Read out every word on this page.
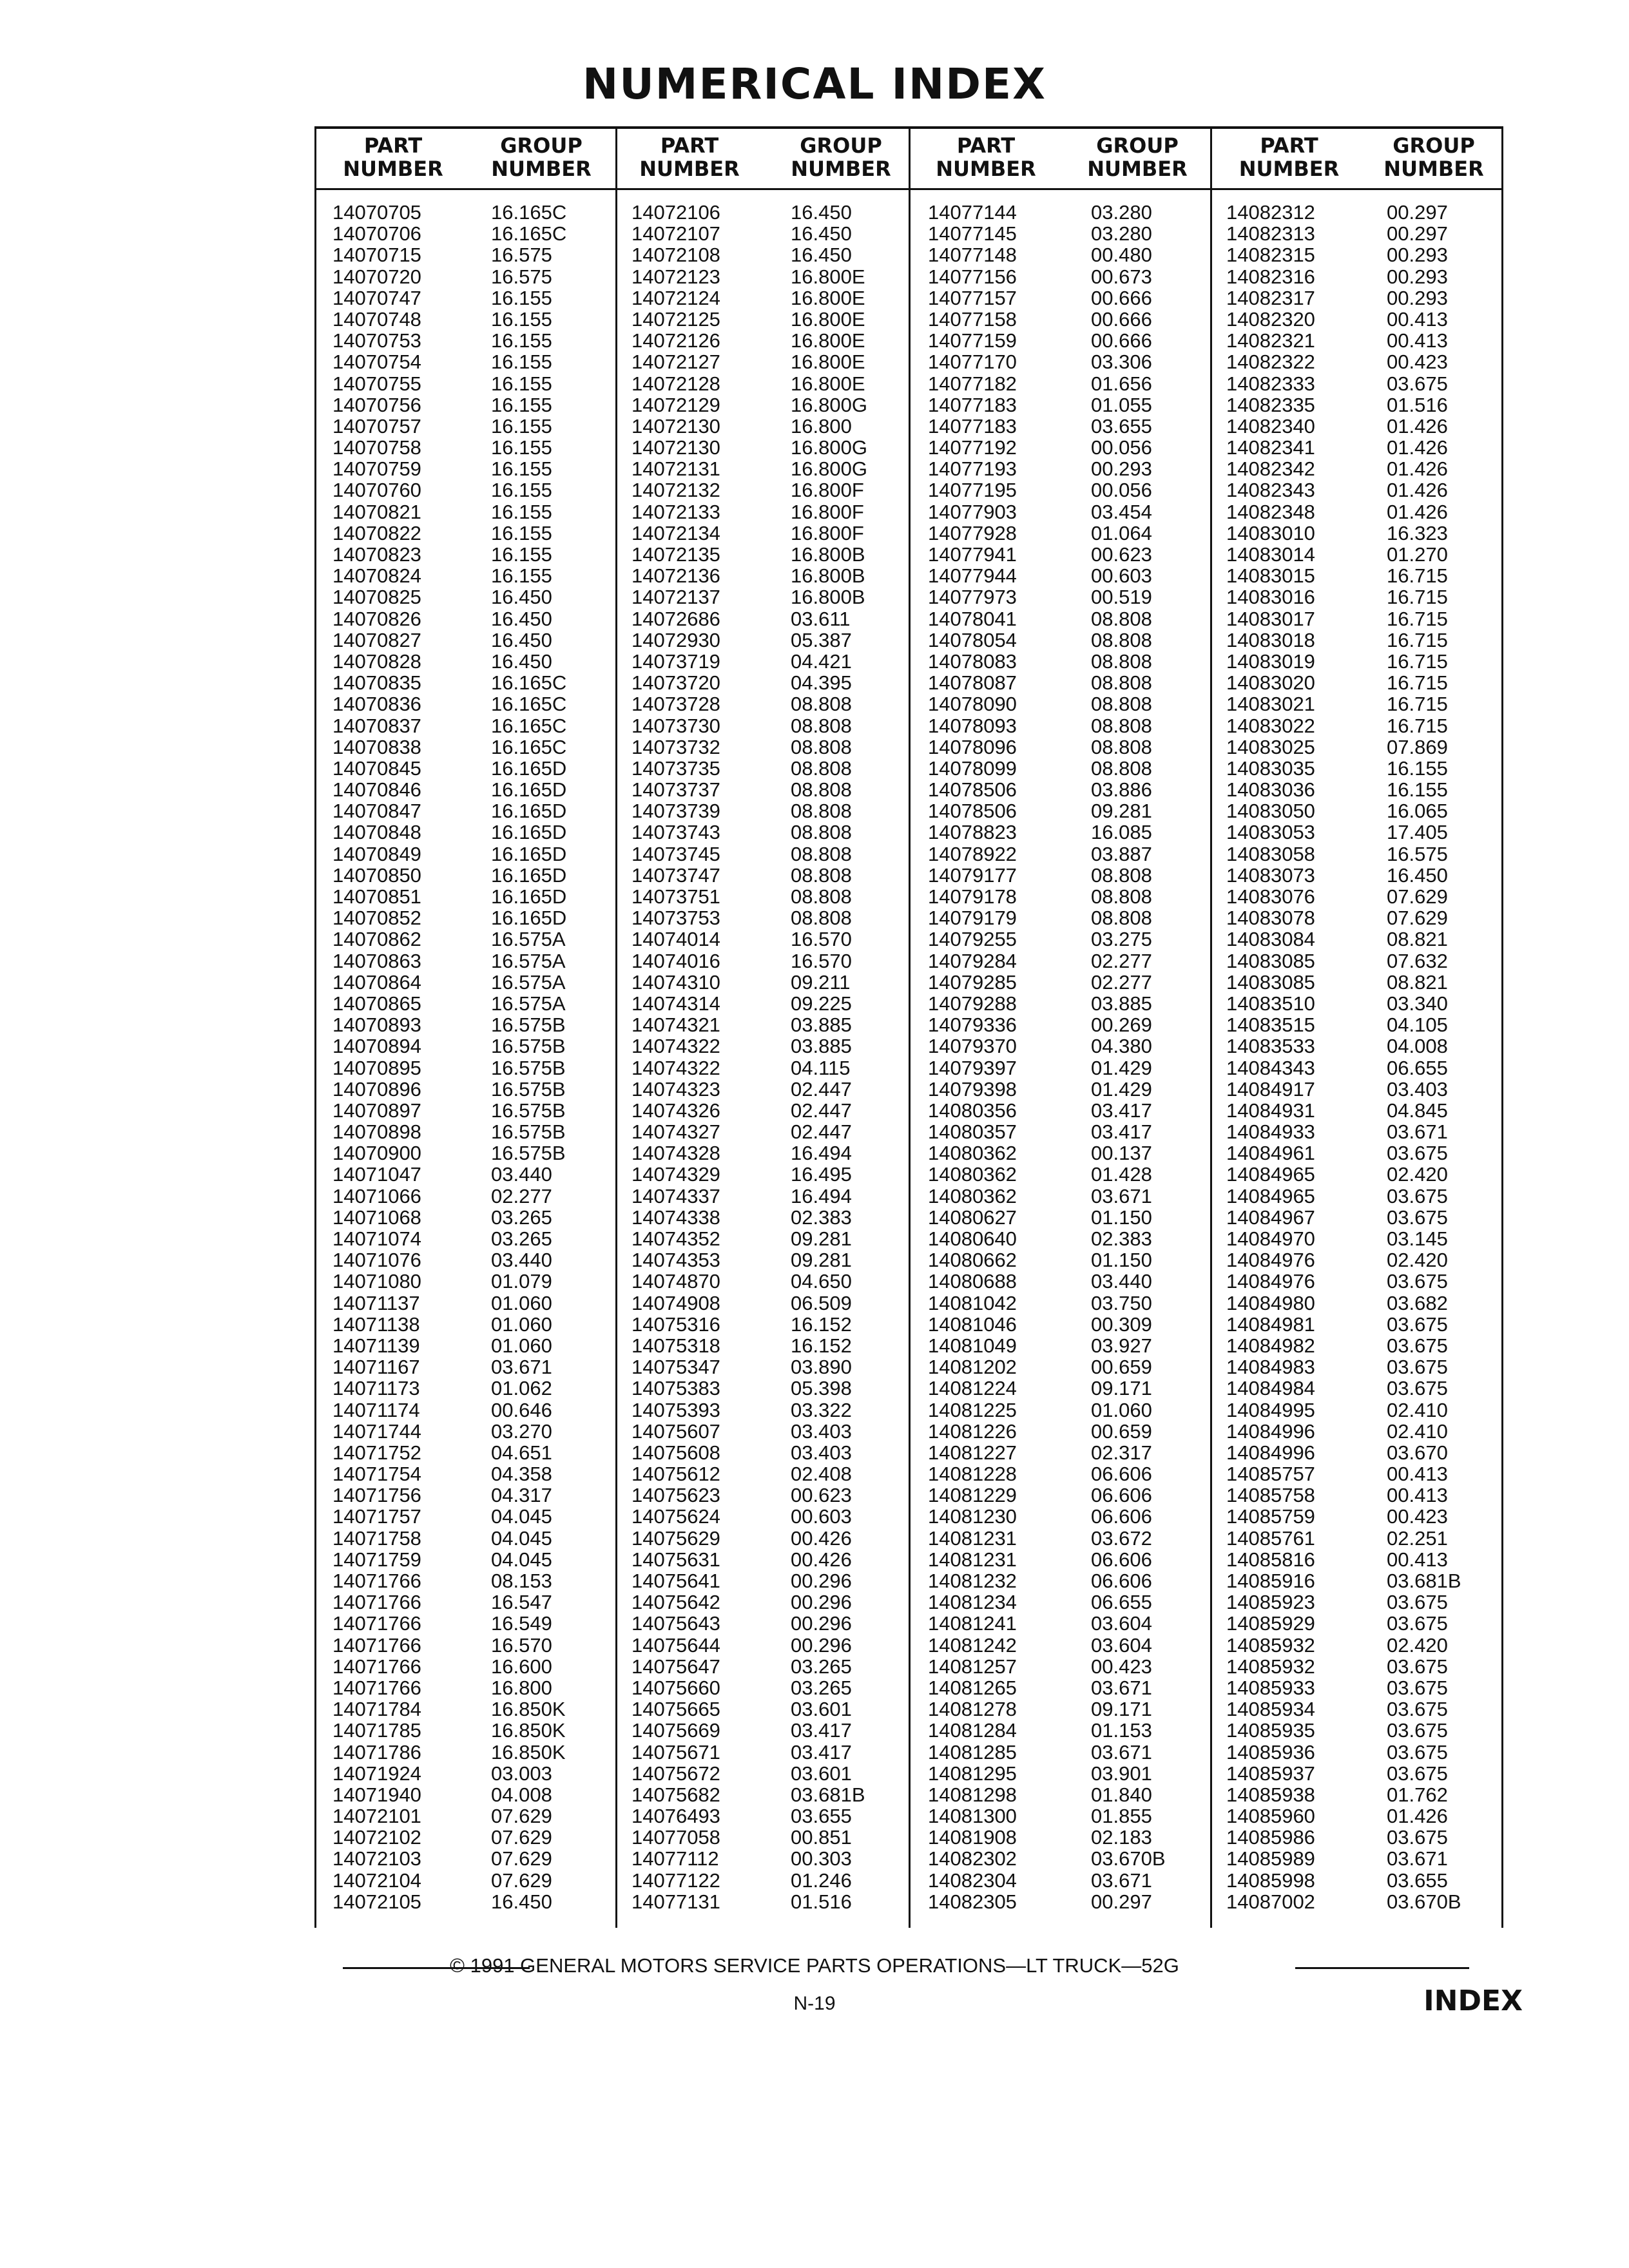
NUMERICAL INDEX
PART
NUMBER
GROUP
NUMBER
PART
NUMBER
GROUP
NUMBER
PART
NUMBER
GROUP
NUMBER
PART
NUMBER
GROUP
NUMBER
14070705
14070706
14070715
14070720
14070747
14070748
14070753
14070754
14070755
14070756
14070757
14070758
14070759
14070760
14070821
14070822
14070823
14070824
14070825
14070826
14070827
14070828
14070835
14070836
14070837
14070838
14070845
14070846
14070847
14070848
14070849
14070850
14070851
14070852
14070862
14070863
14070864
14070865
14070893
14070894
14070895
14070896
14070897
14070898
14070900
14071047
14071066
14071068
14071074
14071076
14071080
14071137
14071138
14071139
14071167
14071173
14071174
14071744
14071752
14071754
14071756
14071757
14071758
14071759
14071766
14071766
14071766
14071766
14071766
14071766
14071784
14071785
14071786
14071924
14071940
14072101
14072102
14072103
14072104
14072105
16.165C
16.165C
16.575
16.575
16.155
16.155
16.155
16.155
16.155
16.155
16.155
16.155
16.155
16.155
16.155
16.155
16.155
16.155
16.450
16.450
16.450
16.450
16.165C
16.165C
16.165C
16.165C
16.165D
16.165D
16.165D
16.165D
16.165D
16.165D
16.165D
16.165D
16.575A
16.575A
16.575A
16.575A
16.575B
16.575B
16.575B
16.575B
16.575B
16.575B
16.575B
03.440
02.277
03.265
03.265
03.440
01.079
01.060
01.060
01.060
03.671
01.062
00.646
03.270
04.651
04.358
04.317
04.045
04.045
04.045
08.153
16.547
16.549
16.570
16.600
16.800
16.850K
16.850K
16.850K
03.003
04.008
07.629
07.629
07.629
07.629
16.450
14072106
14072107
14072108
14072123
14072124
14072125
14072126
14072127
14072128
14072129
14072130
14072130
14072131
14072132
14072133
14072134
14072135
14072136
14072137
14072686
14072930
14073719
14073720
14073728
14073730
14073732
14073735
14073737
14073739
14073743
14073745
14073747
14073751
14073753
14074014
14074016
14074310
14074314
14074321
14074322
14074322
14074323
14074326
14074327
14074328
14074329
14074337
14074338
14074352
14074353
14074870
14074908
14075316
14075318
14075347
14075383
14075393
14075607
14075608
14075612
14075623
14075624
14075629
14075631
14075641
14075642
14075643
14075644
14075647
14075660
14075665
14075669
14075671
14075672
14075682
14076493
14077058
14077112
14077122
14077131
16.450
16.450
16.450
16.800E
16.800E
16.800E
16.800E
16.800E
16.800E
16.800G
16.800
16.800G
16.800G
16.800F
16.800F
16.800F
16.800B
16.800B
16.800B
03.611
05.387
04.421
04.395
08.808
08.808
08.808
08.808
08.808
08.808
08.808
08.808
08.808
08.808
08.808
16.570
16.570
09.211
09.225
03.885
03.885
04.115
02.447
02.447
02.447
16.494
16.495
16.494
02.383
09.281
09.281
04.650
06.509
16.152
16.152
03.890
05.398
03.322
03.403
03.403
02.408
00.623
00.603
00.426
00.426
00.296
00.296
00.296
00.296
03.265
03.265
03.601
03.417
03.417
03.601
03.681B
03.655
00.851
00.303
01.246
01.516
14077144
14077145
14077148
14077156
14077157
14077158
14077159
14077170
14077182
14077183
14077183
14077192
14077193
14077195
14077903
14077928
14077941
14077944
14077973
14078041
14078054
14078083
14078087
14078090
14078093
14078096
14078099
14078506
14078506
14078823
14078922
14079177
14079178
14079179
14079255
14079284
14079285
14079288
14079336
14079370
14079397
14079398
14080356
14080357
14080362
14080362
14080362
14080627
14080640
14080662
14080688
14081042
14081046
14081049
14081202
14081224
14081225
14081226
14081227
14081228
14081229
14081230
14081231
14081231
14081232
14081234
14081241
14081242
14081257
14081265
14081278
14081284
14081285
14081295
14081298
14081300
14081908
14082302
14082304
14082305
03.280
03.280
00.480
00.673
00.666
00.666
00.666
03.306
01.656
01.055
03.655
00.056
00.293
00.056
03.454
01.064
00.623
00.603
00.519
08.808
08.808
08.808
08.808
08.808
08.808
08.808
08.808
03.886
09.281
16.085
03.887
08.808
08.808
08.808
03.275
02.277
02.277
03.885
00.269
04.380
01.429
01.429
03.417
03.417
00.137
01.428
03.671
01.150
02.383
01.150
03.440
03.750
00.309
03.927
00.659
09.171
01.060
00.659
02.317
06.606
06.606
06.606
03.672
06.606
06.606
06.655
03.604
03.604
00.423
03.671
09.171
01.153
03.671
03.901
01.840
01.855
02.183
03.670B
03.671
00.297
14082312
14082313
14082315
14082316
14082317
14082320
14082321
14082322
14082333
14082335
14082340
14082341
14082342
14082343
14082348
14083010
14083014
14083015
14083016
14083017
14083018
14083019
14083020
14083021
14083022
14083025
14083035
14083036
14083050
14083053
14083058
14083073
14083076
14083078
14083084
14083085
14083085
14083510
14083515
14083533
14084343
14084917
14084931
14084933
14084961
14084965
14084965
14084967
14084970
14084976
14084976
14084980
14084981
14084982
14084983
14084984
14084995
14084996
14084996
14085757
14085758
14085759
14085761
14085816
14085916
14085923
14085929
14085932
14085932
14085933
14085934
14085935
14085936
14085937
14085938
14085960
14085986
14085989
14085998
14087002
00.297
00.297
00.293
00.293
00.293
00.413
00.413
00.423
03.675
01.516
01.426
01.426
01.426
01.426
01.426
16.323
01.270
16.715
16.715
16.715
16.715
16.715
16.715
16.715
16.715
07.869
16.155
16.155
16.065
17.405
16.575
16.450
07.629
07.629
08.821
07.632
08.821
03.340
04.105
04.008
06.655
03.403
04.845
03.671
03.675
02.420
03.675
03.675
03.145
02.420
03.675
03.682
03.675
03.675
03.675
03.675
02.410
02.410
03.670
00.413
00.413
00.423
02.251
00.413
03.681B
03.675
03.675
02.420
03.675
03.675
03.675
03.675
03.675
03.675
01.762
01.426
03.675
03.671
03.655
03.670B
© 1991 GENERAL MOTORS SERVICE PARTS OPERATIONS—LT TRUCK—52G
N-19	INDEX
